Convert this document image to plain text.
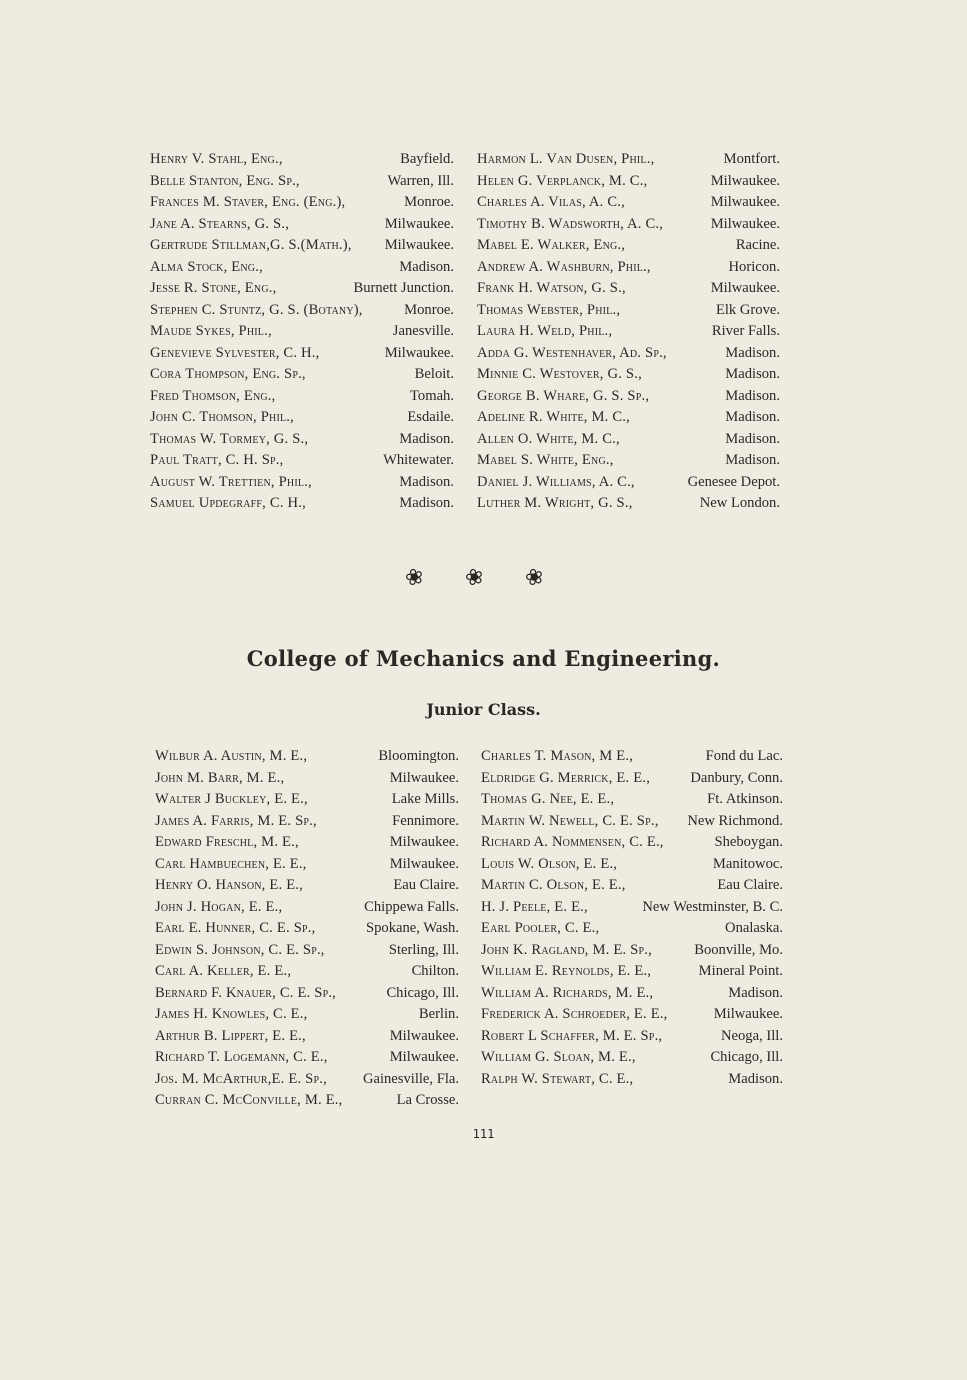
Henry V. Stahl, Eng.,	Bayfield.
Belle Stanton, Eng. Sp.,	Warren, Ill.
Frances M. Staver, Eng. (Eng.),	Monroe.
Jane A. Stearns, G. S.,	Milwaukee.
Gertrude Stillman,G. S.(Math.),	Milwaukee.
Alma Stock, Eng.,	Madison.
Jesse R. Stone, Eng.,	Burnett Junction.
Stephen C. Stuntz, G. S. (Botany),	Monroe.
Maude Sykes, Phil.,	Janesville.
Genevieve Sylvester, C. H.,	Milwaukee.
Cora Thompson, Eng. Sp.,	Beloit.
Fred Thomson, Eng.,	Tomah.
John C. Thomson, Phil.,	Esdaile.
Thomas W. Tormey, G. S.,	Madison.
Paul Tratt, C. H. Sp.,	Whitewater.
August W. Trettien, Phil.,	Madison.
Samuel Updegraff, C. H.,	Madison.
Harmon L. Van Dusen, Phil.,	Montfort.
Helen G. Verplanck, M. C.,	Milwaukee.
Charles A. Vilas, A. C.,	Milwaukee.
Timothy B. Wadsworth, A. C.,	Milwaukee.
Mabel E. Walker, Eng.,	Racine.
Andrew A. Washburn, Phil.,	Horicon.
Frank H. Watson, G. S.,	Milwaukee.
Thomas Webster, Phil.,	Elk Grove.
Laura H. Weld, Phil.,	River Falls.
Adda G. Westenhaver, Ad. Sp.,	Madison.
Minnie C. Westover, G. S.,	Madison.
George B. Whare, G. S. Sp.,	Madison.
Adeline R. White, M. C.,	Madison.
Allen O. White, M. C.,	Madison.
Mabel S. White, Eng.,	Madison.
Daniel J. Williams, A. C.,	Genesee Depot.
Luther M. Wright, G. S.,	New London.
❀ ❀ ❀
College of Mechanics and Engineering.
Junior Class.
Wilbur A. Austin, M. E.,	Bloomington.
John M. Barr, M. E.,	Milwaukee.
Walter J Buckley, E. E.,	Lake Mills.
James A. Farris, M. E. Sp.,	Fennimore.
Edward Freschl, M. E.,	Milwaukee.
Carl Hambuechen, E. E.,	Milwaukee.
Henry O. Hanson, E. E.,	Eau Claire.
John J. Hogan, E. E.,	Chippewa Falls.
Earl E. Hunner, C. E. Sp.,	Spokane, Wash.
Edwin S. Johnson, C. E. Sp.,	Sterling, Ill.
Carl A. Keller, E. E.,	Chilton.
Bernard F. Knauer, C. E. Sp.,	Chicago, Ill.
James H. Knowles, C. E.,	Berlin.
Arthur B. Lippert, E. E.,	Milwaukee.
Richard T. Logemann, C. E.,	Milwaukee.
Jos. M. McArthur,E. E. Sp.,	Gainesville, Fla.
Curran C. McConville, M. E.,	La Crosse.
Charles T. Mason, M E.,	Fond du Lac.
Eldridge G. Merrick, E. E.,	Danbury, Conn.
Thomas G. Nee, E. E.,	Ft. Atkinson.
Martin W. Newell, C. E. Sp.,	New Richmond.
Richard A. Nommensen, C. E.,	Sheboygan.
Louis W. Olson, E. E.,	Manitowoc.
Martin C. Olson, E. E.,	Eau Claire.
H. J. Peele, E. E.,	New Westminster, B. C.
Earl Pooler, C. E.,	Onalaska.
John K. Ragland, M. E. Sp.,	Boonville, Mo.
William E. Reynolds, E. E.,	Mineral Point.
William A. Richards, M. E.,	Madison.
Frederick A. Schroeder, E. E.,	Milwaukee.
Robert L Schaffer, M. E. Sp.,	Neoga, Ill.
William G. Sloan, M. E.,	Chicago, Ill.
Ralph W. Stewart, C. E.,	Madison.
111
